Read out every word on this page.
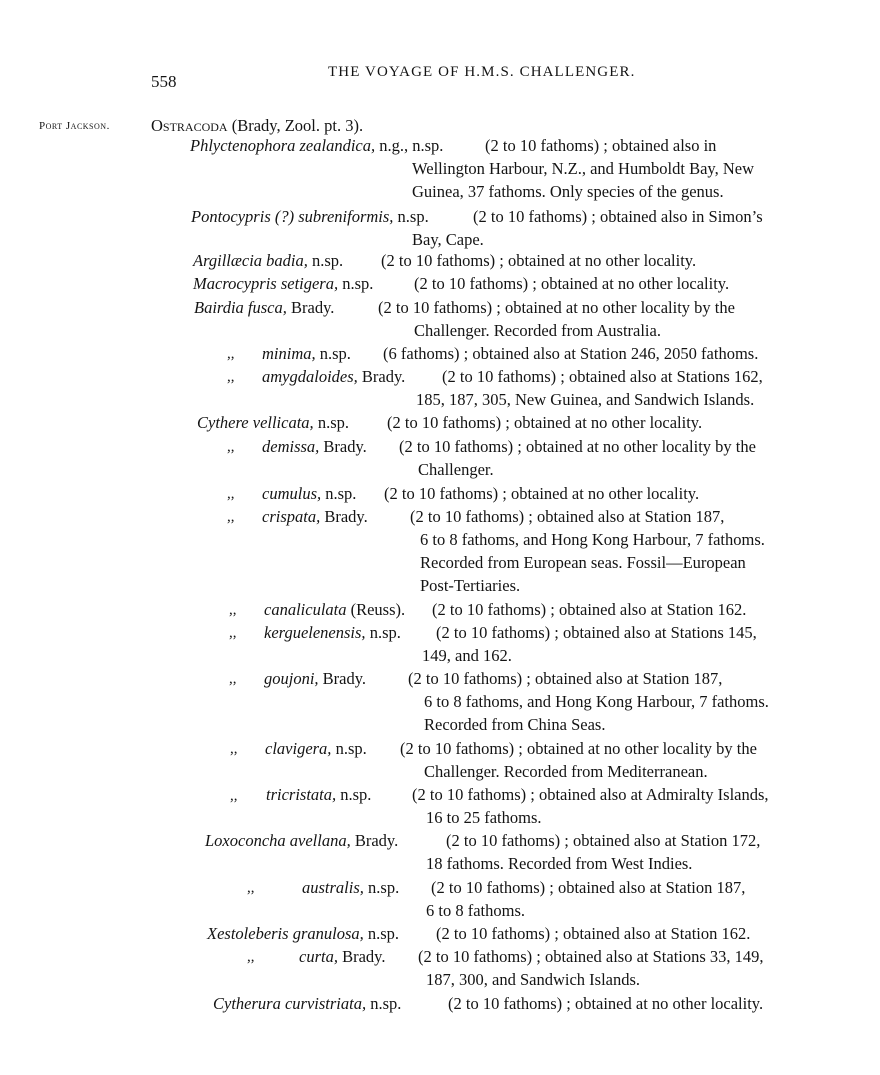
558	THE VOYAGE OF H.M.S. CHALLENGER.
Port Jackson. Ostracoda (Brady, Zool. pt. 3).
Phlyctenophora zealandica, n.g., n.sp.	(2 to 10 fathoms) ; obtained also in
Wellington Harbour, N.Z., and Humboldt Bay, New
Guinea, 37 fathoms. Only species of the genus.
Pontocypris (?) subreniformis, n.sp.	(2 to 10 fathoms) ; obtained also in Simon’s
Bay, Cape.
Argillæcia badia, n.sp. (2 to 10 fathoms) ; obtained at no other locality.
Macrocypris setigera, n.sp. (2 to 10 fathoms) ; obtained at no other locality.
Bairdia fusca, Brady.	(2 to 10 fathoms) ; obtained at no other locality by the
Challenger. Recorded from Australia.
,, minima, n.sp. (6 fathoms) ; obtained also at Station 246, 2050 fathoms.
,, amygdaloides, Brady. (2 to 10 fathoms) ; obtained also at Stations 162,
185, 187, 305, New Guinea, and Sandwich Islands.
Cythere vellicata, n.sp. (2 to 10 fathoms) ; obtained at no other locality.
,, demissa, Brady. (2 to 10 fathoms) ; obtained at no other locality by the
Challenger.
,, cumulus, n.sp. (2 to 10 fathoms) ; obtained at no other locality.
,, crispata, Brady.	(2 to 10 fathoms) ; obtained also at Station 187,
6 to 8 fathoms, and Hong Kong Harbour, 7 fathoms.
Recorded from European seas. Fossil—European
Post-Tertiaries.
,, canaliculata (Reuss). (2 to 10 fathoms) ; obtained also at Station 162.
,, kerguelenensis, n.sp. (2 to 10 fathoms) ; obtained also at Stations 145,
149, and 162.
,, goujoni, Brady.	(2 to 10 fathoms) ; obtained also at Station 187,
6 to 8 fathoms, and Hong Kong Harbour, 7 fathoms.
Recorded from China Seas.
,, clavigera, n.sp. (2 to 10 fathoms) ; obtained at no other locality by the
Challenger. Recorded from Mediterranean.
,, tricristata, n.sp. (2 to 10 fathoms) ; obtained also at Admiralty Islands,
16 to 25 fathoms.
Loxoconcha avellana, Brady.	(2 to 10 fathoms) ; obtained also at Station 172,
18 fathoms. Recorded from West Indies.
,,	australis, n.sp. (2 to 10 fathoms) ; obtained also at Station 187,
6 to 8 fathoms.
Xestoleberis granulosa, n.sp. (2 to 10 fathoms) ; obtained also at Station 162.
,,	curta, Brady. (2 to 10 fathoms) ; obtained also at Stations 33, 149,
187, 300, and Sandwich Islands.
Cytherura curvistriata, n.sp.	(2 to 10 fathoms) ; obtained at no other locality.
